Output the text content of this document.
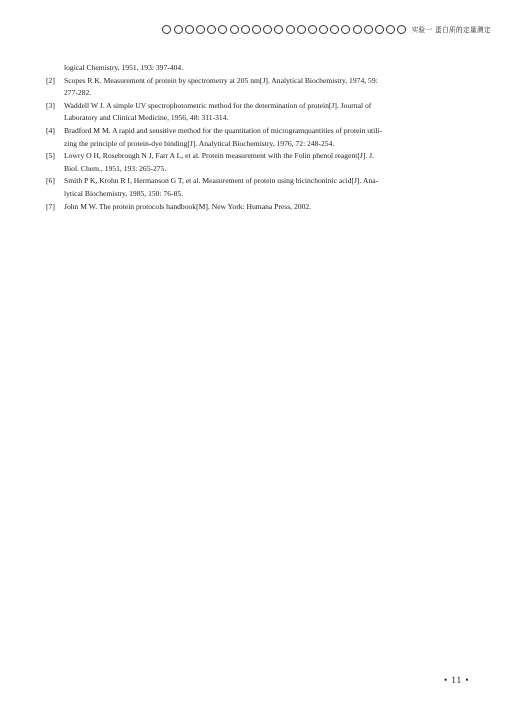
实验一 蛋白质的定量测定
logical Chemistry, 1951, 193: 397-404.
[2] Scopes R K. Measurement of protein by spectrometry at 205 nm[J]. Analytical Biochemistry, 1974, 59:
277-282.
[3] Waddell W J. A simple UV spectrophotometric method for the determination of protein[J]. Journal of
Laboratory and Clinical Medicine, 1956, 48: 311-314.
[4] Bradford M M. A rapid and sensitive method for the quantitation of microgramquantities of protein utili-
zing the principle of protein-dye binding[J]. Analytical Biochemistry, 1976, 72: 248-254.
[5] Lowry O H, Rosebrough N J, Farr A L, et al. Protein measurement with the Folin phenol reagent[J]. J.
Biol. Chem., 1951, 193: 265-275.
[6] Smith P K, Krohn R I, Hermanson G T, et al. Measurement of protein using bicinchoninic acid[J]. Ana-
lytical Biochemistry, 1985, 150: 76-85.
[7] John M W. The protein protocols handbook[M]. New York: Humana Press, 2002.
• 11 •
